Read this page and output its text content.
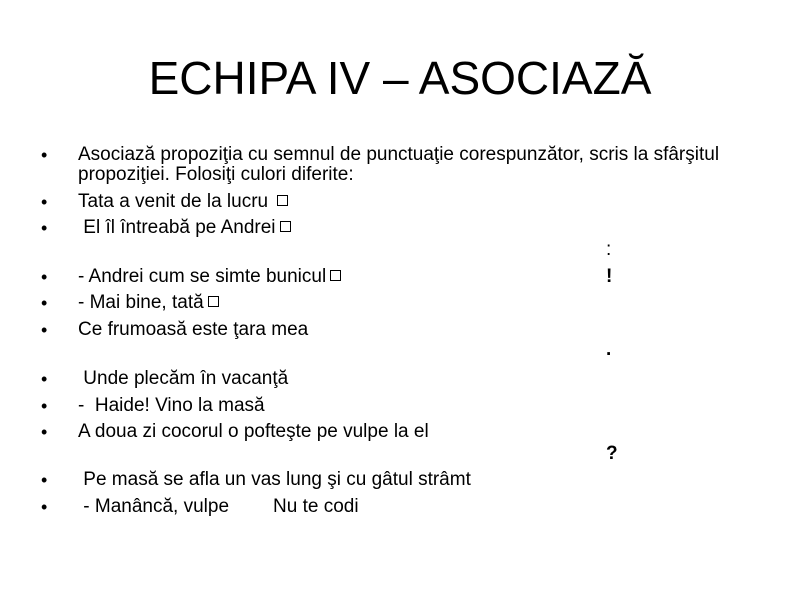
ECHIPA IV – ASOCIAZĂ
• Asociază propoziţia cu semnul de punctuaţie corespunzător, scris la sfârşitul propoziţiei. Folosiţi culori diferite:
• Tata a venit de la lucru
• El îl întreabă pe Andrei
• - Andrei cum se simte bunicul
• - Mai bine, tată
• Ce frumoasă este ţara mea
• Unde plecăm în vacanţă
• -  Haide! Vino la masă
• A doua zi cocorul o pofteşte pe vulpe la el
• Pe masă se afla un vas lung şi cu gâtul strâmt
• - Manâncă, vulpe Nu te codi
:
!
.
?
